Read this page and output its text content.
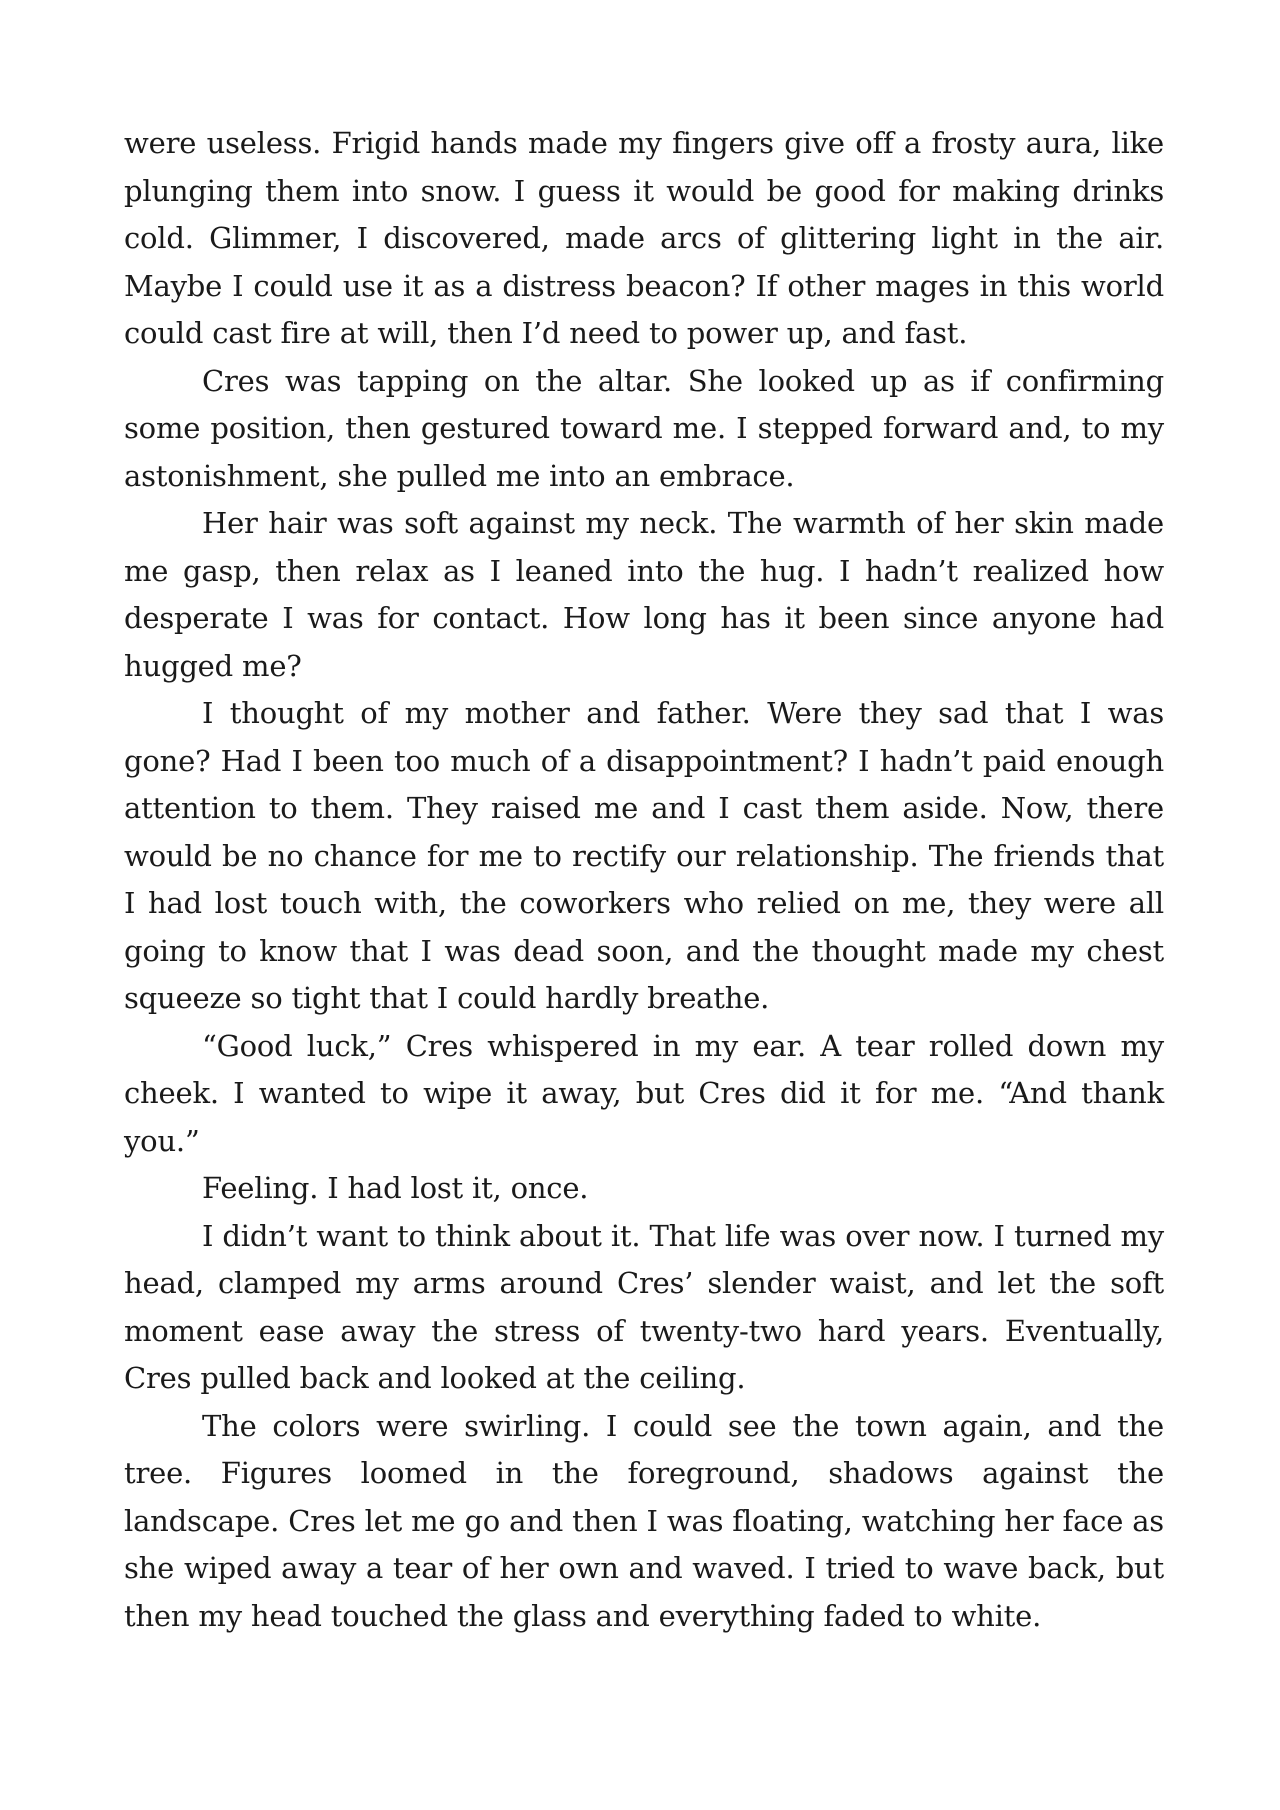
were useless. Frigid hands made my fingers give off a frosty aura, like plunging them into snow. I guess it would be good for making drinks cold. Glimmer, I discovered, made arcs of glittering light in the air. Maybe I could use it as a distress beacon? If other mages in this world could cast fire at will, then I’d need to power up, and fast.

Cres was tapping on the altar. She looked up as if confirming some position, then gestured toward me. I stepped forward and, to my astonishment, she pulled me into an embrace.

Her hair was soft against my neck. The warmth of her skin made me gasp, then relax as I leaned into the hug. I hadn’t realized how desperate I was for contact. How long has it been since anyone had hugged me?

I thought of my mother and father. Were they sad that I was gone? Had I been too much of a disappointment? I hadn’t paid enough attention to them. They raised me and I cast them aside. Now, there would be no chance for me to rectify our relationship. The friends that I had lost touch with, the coworkers who relied on me, they were all going to know that I was dead soon, and the thought made my chest squeeze so tight that I could hardly breathe.

“Good luck,” Cres whispered in my ear. A tear rolled down my cheek. I wanted to wipe it away, but Cres did it for me. “And thank you.”

Feeling. I had lost it, once.

I didn’t want to think about it. That life was over now. I turned my head, clamped my arms around Cres’ slender waist, and let the soft moment ease away the stress of twenty-two hard years. Eventually, Cres pulled back and looked at the ceiling.

The colors were swirling. I could see the town again, and the tree. Figures loomed in the foreground, shadows against the landscape. Cres let me go and then I was floating, watching her face as she wiped away a tear of her own and waved. I tried to wave back, but then my head touched the glass and everything faded to white.
